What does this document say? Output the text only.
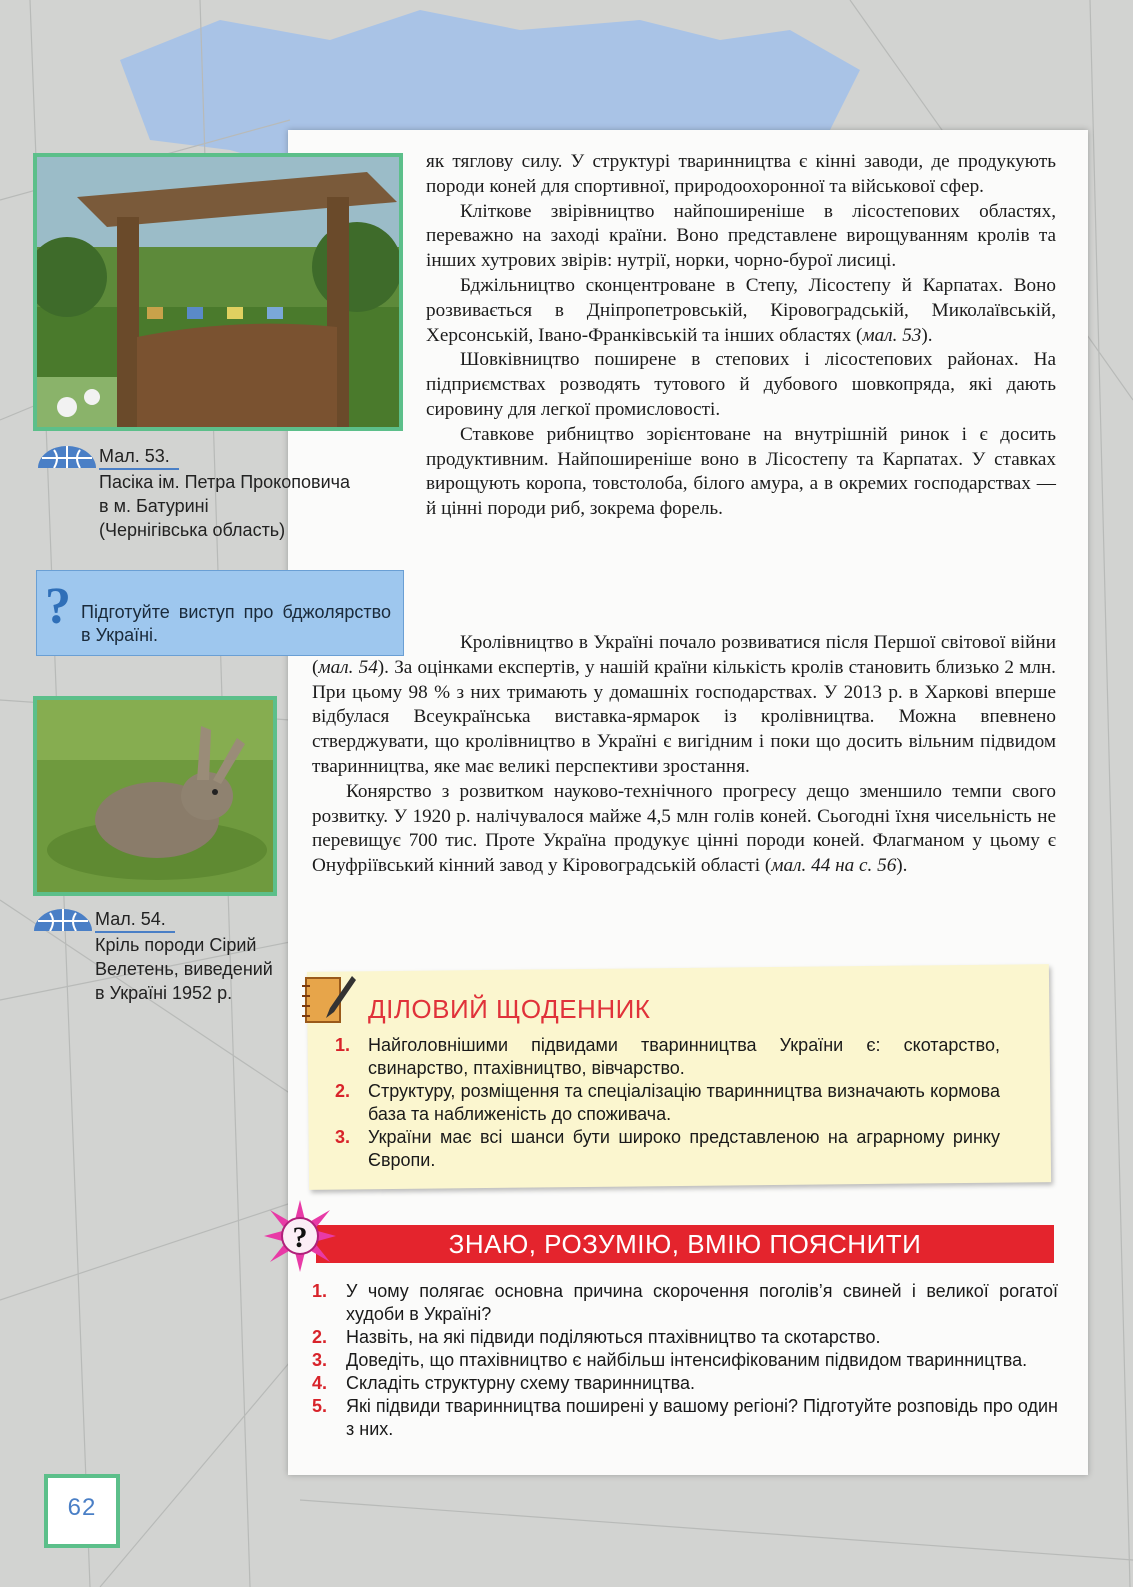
Мал. 53.
Пасіка ім. Петра Прокоповича
в м. Батурині
(Чернігівська область)
? Підготуйте виступ про бджолярство в Україні.
Мал. 54.
Кріль породи Сірий
Велетень, виведений
в Україні 1952 р.

як тяглову силу. У структурі тваринництва є кінні заводи, де продукують породи коней для спортивної, природоохоронної та військової сфер.

Кліткове звірівництво найпоширеніше в лісостепових областях, переважно на заході країни. Воно представлене вирощуванням кролів та інших хутрових звірів: нутрії, норки, чорно-бурої лисиці.

Бджільництво сконцентроване в Степу, Лісостепу й Карпатах. Воно розвивається в Дніпропетровській, Кіровоградській, Миколаївській, Херсонській, Івано-Франківській та інших областях (мал. 53).

Шовківництво поширене в степових і лісостепових районах. На підприємствах розводять тутового й дубового шовкопряда, які дають сировину для легкої промисловості.

Ставкове рибництво зорієнтоване на внутрішній ринок і є досить продуктивним. Найпоширеніше воно в Лісостепу та Карпатах. У ставках вирощують коропа, товстолоба, білого амура, а в окремих господарствах — й цінні породи риб, зокрема форель.

Кролівництво в Україні почало розвиватися після Першої світової війни (мал. 54). За оцінками експертів, у нашій країни кількість кролів становить близько 2 млн. При цьому 98 % з них тримають у домашніх господарствах. У 2013 р. в Харкові вперше відбулася Всеукраїнська виставка-ярмарок із кролівництва. Можна впевнено стверджувати, що кролівництво в Україні є вигідним і поки що досить вільним підвидом тваринництва, яке має великі перспективи зростання.

Конярство з розвитком науково-технічного прогресу дещо зменшило темпи свого розвитку. У 1920 р. налічувалося майже 4,5 млн голів коней. Сьогодні їхня чисельність не перевищує 700 тис. Проте Україна продукує цінні породи коней. Флагманом у цьому є Онуфріївський кінний завод у Кіровоградській області (мал. 44 на с. 56).

ДІЛОВИЙ ЩОДЕННИК
1. Найголовнішими підвидами тваринництва України є: скотарство, свинарство, птахівництво, вівчарство.
2. Структуру, розміщення та спеціалізацію тваринництва визначають кормова база та наближеність до споживача.
3. України має всі шанси бути широко представленою на аграрному ринку Європи.
ЗНАЮ, РОЗУМІЮ, ВМІЮ ПОЯСНИТИ
?
1. У чому полягає основна причина скорочення поголів’я свиней і великої рогатої худоби в Україні?
2. Назвіть, на які підвиди поділяються птахівництво та скотарство.
3. Доведіть, що птахівництво є найбільш інтенсифікованим підвидом тваринництва.
4. Складіть структурну схему тваринництва.
5. Які підвиди тваринництва поширені у вашому регіоні? Підготуйте розповідь про один з них.
62
